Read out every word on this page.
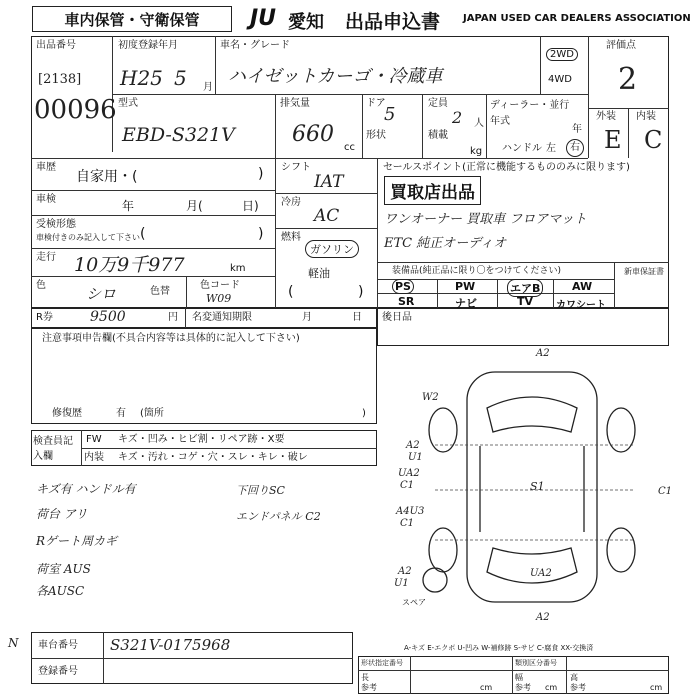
車内保管・守衛保管	JU 愛知 出品申込書 JAPAN USED CAR DEALERS ASSOCIATION
出品番号
[2138]
00096
初度登録年月
H25 5 月
車名・グレード
ハイゼットカーゴ・冷蔵車
2WD
4WD
評価点
2
外装 内装
E C
型式
EBD-S321V
排気量
660
cc
ドア
5
形状
定員
2 人
積載
kg
ディーラー・並行
年式
年
ハンドル 左	右
車歴
自家用・(	)
車検	年	月(	日)
受検形態
車検付きのみ記入して下さい (	)
走行 10万9千977	km
色	シロ	色替
色コード
W09
シフト
IAT
冷房
AC
燃料
ガソリン
軽油
(	)
セールスポイント(正常に機能するもののみに限ります)
買取店出品
ワンオーナー 買取車 フロアマット
ETC 純正オーディオ
装備品(純正品に限り〇をつけてください)	新車保証書
PS	PW	エアB	AW
SR	ナビ	TV カワシート
R券	9500	円 名変通知期限	月	日 後日品
注意事項申告欄(不具合内容等は具体的に記入して下さい)
修復歴	有 (箇所	)
検査員記入欄
FW キズ・凹み・ヒビ割・リペア跡・X要
内装 キズ・汚れ・コゲ・穴・スレ・キレ・破レ
キズ有 ハンドル有
荷台 アリ
Rゲート周カギ
荷室 AUS
各AUSC
下回りSC
エンドパネル C2
A2
W2
A2
U1
UA2
C1
A4U3
C1
S1	C1
U1
A2	UA2
A2
スペア
A-キズ E-エクボ U-凹み W-補修跡 S-サビ C-腐食 XX-交換済
車台番号 S321V-0175968
登録番号
N
形状指定番号	類別区分番号
長
参考	cm
幅
参考 cm
高
参考	cm
